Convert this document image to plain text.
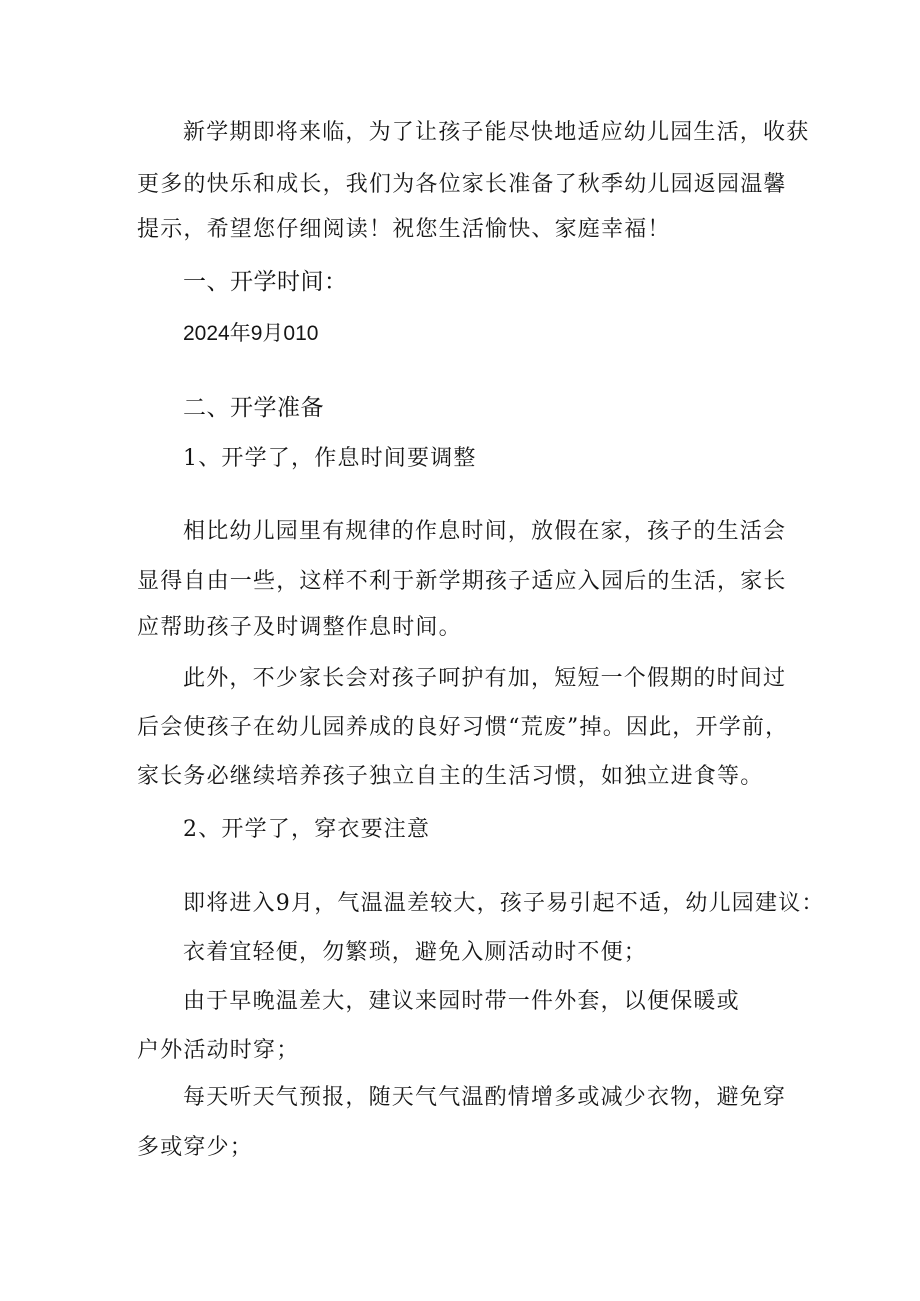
新学期即将来临，为了让孩子能尽快地适应幼儿园生活，收获
更多的快乐和成长，我们为各位家长准备了秋季幼儿园返园温馨
提示，希望您仔细阅读！祝您生活愉快、家庭幸福！
一、开学时间：
2024年9月010
二、开学准备
1、开学了，作息时间要调整
相比幼儿园里有规律的作息时间，放假在家，孩子的生活会
显得自由一些，这样不利于新学期孩子适应入园后的生活，家长
应帮助孩子及时调整作息时间。
此外，不少家长会对孩子呵护有加，短短一个假期的时间过
后会使孩子在幼儿园养成的良好习惯“荒废”掉。因此，开学前，
家长务必继续培养孩子独立自主的生活习惯，如独立进食等。
2、开学了，穿衣要注意
即将进入9月，气温温差较大，孩子易引起不适，幼儿园建议：
衣着宜轻便，勿繁琐，避免入厕活动时不便；
由于早晚温差大，建议来园时带一件外套，以便保暖或
户外活动时穿；
每天听天气预报，随天气气温酌情增多或减少衣物，避免穿
多或穿少；
